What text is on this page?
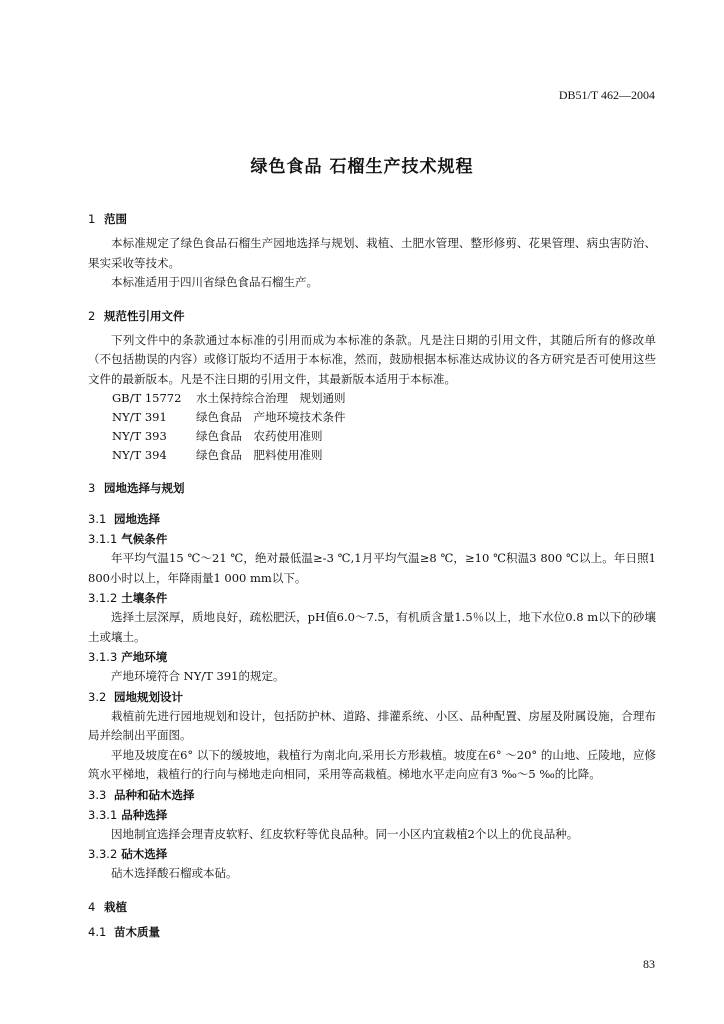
DB51/T 462—2004
绿色食品 石榴生产技术规程
1 范围

本标准规定了绿色食品石榴生产园地选择与规划、栽植、土肥水管理、整形修剪、花果管理、病虫害防治、果实采收等技术。

本标准适用于四川省绿色食品石榴生产。

2 规范性引用文件

下列文件中的条款通过本标准的引用而成为本标准的条款。凡是注日期的引用文件，其随后所有的修改单（不包括勘误的内容）或修订版均不适用于本标准，然而，鼓励根据本标准达成协议的各方研究是否可使用这些文件的最新版本。凡是不注日期的引用文件，其最新版本适用于本标准。

GB/T 15772 水土保持综合治理　规划通则
NY/T 391	绿色食品　产地环境技术条件
NY/T 393	绿色食品　农药使用准则
NY/T 394	绿色食品　肥料使用准则
3 园地选择与规划
3.1 园地选择
3.1.1 气候条件

年平均气温15 ℃～21 ℃，绝对最低温≥-3 ℃,1月平均气温≥8 ℃，≥10 ℃积温3 800 ℃以上。年日照1 800小时以上，年降雨量1 000 mm以下。

3.1.2 土壤条件

选择土层深厚，质地良好，疏松肥沃，pH值6.0～7.5，有机质含量1.5％以上，地下水位0.8 m以下的砂壤土或壤土。

3.1.3 产地环境

产地环境符合 NY/T 391的规定。

3.2 园地规划设计

栽植前先进行园地规划和设计，包括防护林、道路、排灌系统、小区、品种配置、房屋及附属设施，合理布局并绘制出平面图。

平地及坡度在6° 以下的缓坡地，栽植行为南北向,采用长方形栽植。坡度在6° ～20° 的山地、丘陵地，应修筑水平梯地，栽植行的行向与梯地走向相同，采用等高栽植。梯地水平走向应有3 ‰～5 ‰的比降。

3.3 品种和砧木选择
3.3.1 品种选择

因地制宜选择会理青皮软籽、红皮软籽等优良品种。同一小区内宜栽植2个以上的优良品种。

3.3.2 砧木选择

砧木选择酸石榴或本砧。

4 栽植
4.1 苗木质量
83
